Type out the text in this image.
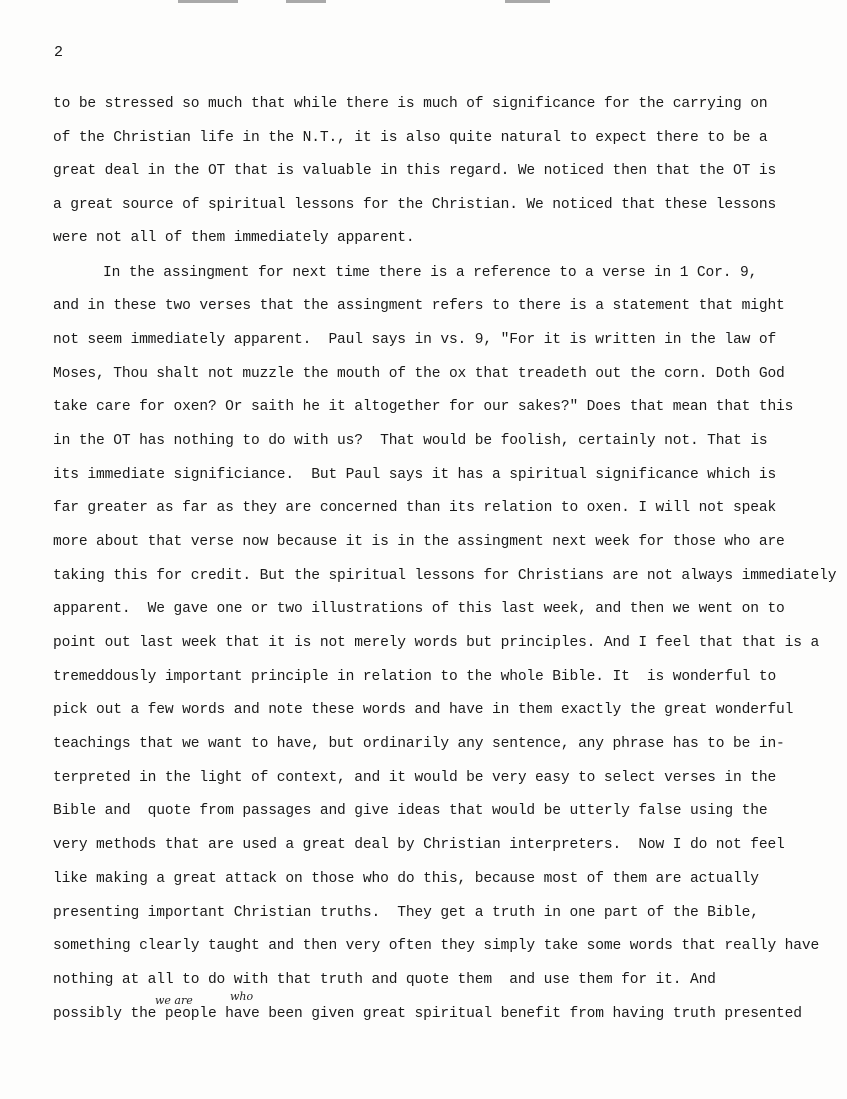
2
to be stressed so much that while there is much of significance for the carrying on
of the Christian life in the N.T., it is also quite natural to expect there to be a
great deal in the OT that is valuable in this regard. We noticed then that the OT is
a great source of spiritual lessons for the Christian. We noticed that these lessons
were not all of them immediately apparent.
In the assingment for next time there is a reference to a verse in 1 Cor. 9,
and in these two verses that the assingment refers to there is a statement that might
not seem immediately apparent.  Paul says in vs. 9, "For it is written in the law of
Moses, Thou shalt not muzzle the mouth of the ox that treadeth out the corn. Doth God
take care for oxen? Or saith he it altogether for our sakes?" Does that mean that this
in the OT has nothing to do with us?  That would be foolish, certainly not. That is
its immediate significiance.  But Paul says it has a spiritual significance which is
far greater as far as they are concerned than its relation to oxen. I will not speak
more about that verse now because it is in the assingment next week for those who are
taking this for credit. But the spiritual lessons for Christians are not always immediately
apparent.  We gave one or two illustrations of this last week, and then we went on to
point out last week that it is not merely words but principles. And I feel that that is a
tremeddously important principle in relation to the whole Bible. It  is wonderful to
pick out a few words and note these words and have in them exactly the great wonderful
teachings that we want to have, but ordinarily any sentence, any phrase has to be in-
terpreted in the light of context, and it would be very easy to select verses in the
Bible and  quote from passages and give ideas that would be utterly false using the
very methods that are used a great deal by Christian interpreters.  Now I do not feel
like making a great attack on those who do this, because most of them are actually
presenting important Christian truths.  They get a truth in one part of the Bible,
something clearly taught and then very often they simply take some words that really have
nothing at all to do with that truth and quote them  and use them for it. And
possibly the people have been given great spiritual benefit from having truth presented
we are	who
